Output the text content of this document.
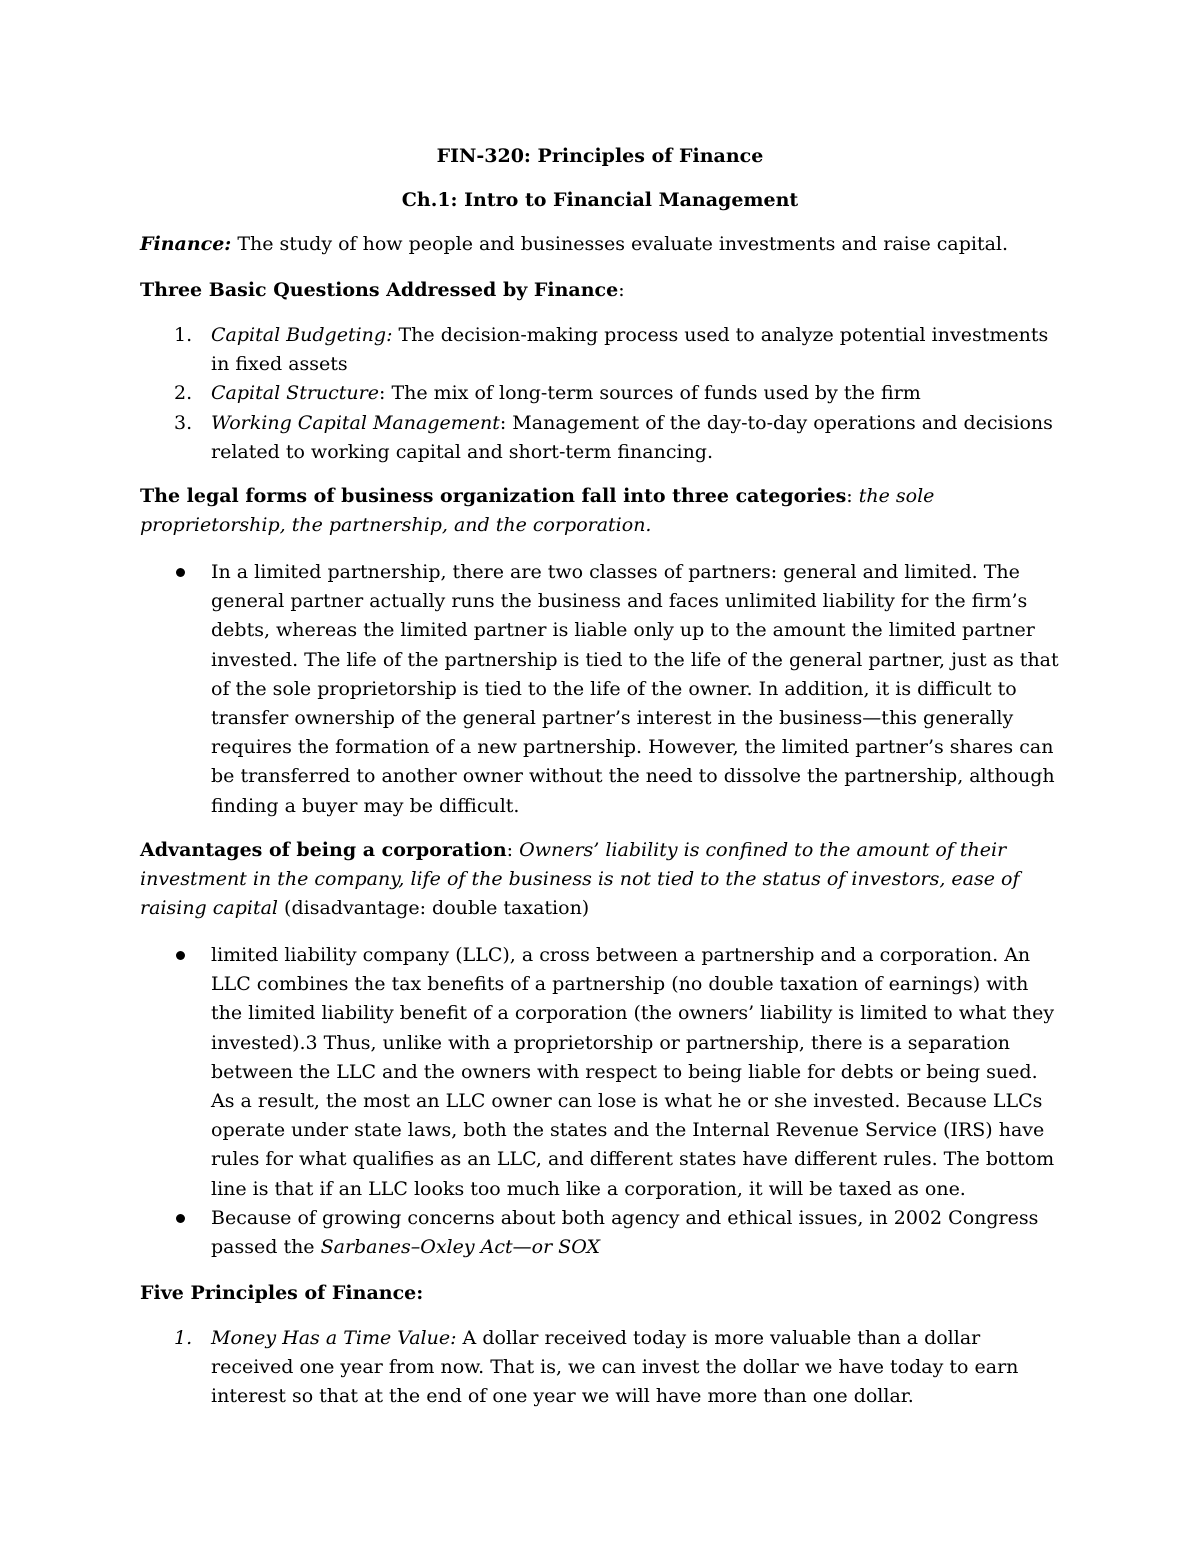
FIN-320: Principles of Finance

Ch.1: Intro to Financial Management

Finance: The study of how people and businesses evaluate investments and raise capital.

Three Basic Questions Addressed by Finance:

1. Capital Budgeting: The decision-making process used to analyze potential investments in fixed assets
2. Capital Structure: The mix of long-term sources of funds used by the firm
3. Working Capital Management: Management of the day-to-day operations and decisions related to working capital and short-term financing.

The legal forms of business organization fall into three categories: the sole proprietorship, the partnership, and the corporation.

In a limited partnership, there are two classes of partners: general and limited. The general partner actually runs the business and faces unlimited liability for the firm’s debts, whereas the limited partner is liable only up to the amount the limited partner invested. The life of the partnership is tied to the life of the general partner, just as that of the sole proprietorship is tied to the life of the owner. In addition, it is difficult to transfer ownership of the general partner’s interest in the business—this generally requires the formation of a new partnership. However, the limited partner’s shares can be transferred to another owner without the need to dissolve the partnership, although finding a buyer may be difficult.

Advantages of being a corporation: Owners’ liability is confined to the amount of their investment in the company, life of the business is not tied to the status of investors, ease of raising capital (disadvantage: double taxation)

limited liability company (LLC), a cross between a partnership and a corporation. An LLC combines the tax benefits of a partnership (no double taxation of earnings) with the limited liability benefit of a corporation (the owners’ liability is limited to what they invested).3 Thus, unlike with a proprietorship or partnership, there is a separation between the LLC and the owners with respect to being liable for debts or being sued. As a result, the most an LLC owner can lose is what he or she invested. Because LLCs operate under state laws, both the states and the Internal Revenue Service (IRS) have rules for what qualifies as an LLC, and different states have different rules. The bottom line is that if an LLC looks too much like a corporation, it will be taxed as one.
Because of growing concerns about both agency and ethical issues, in 2002 Congress passed the Sarbanes–Oxley Act—or SOX

Five Principles of Finance:

1. Money Has a Time Value: A dollar received today is more valuable than a dollar received one year from now. That is, we can invest the dollar we have today to earn interest so that at the end of one year we will have more than one dollar.
